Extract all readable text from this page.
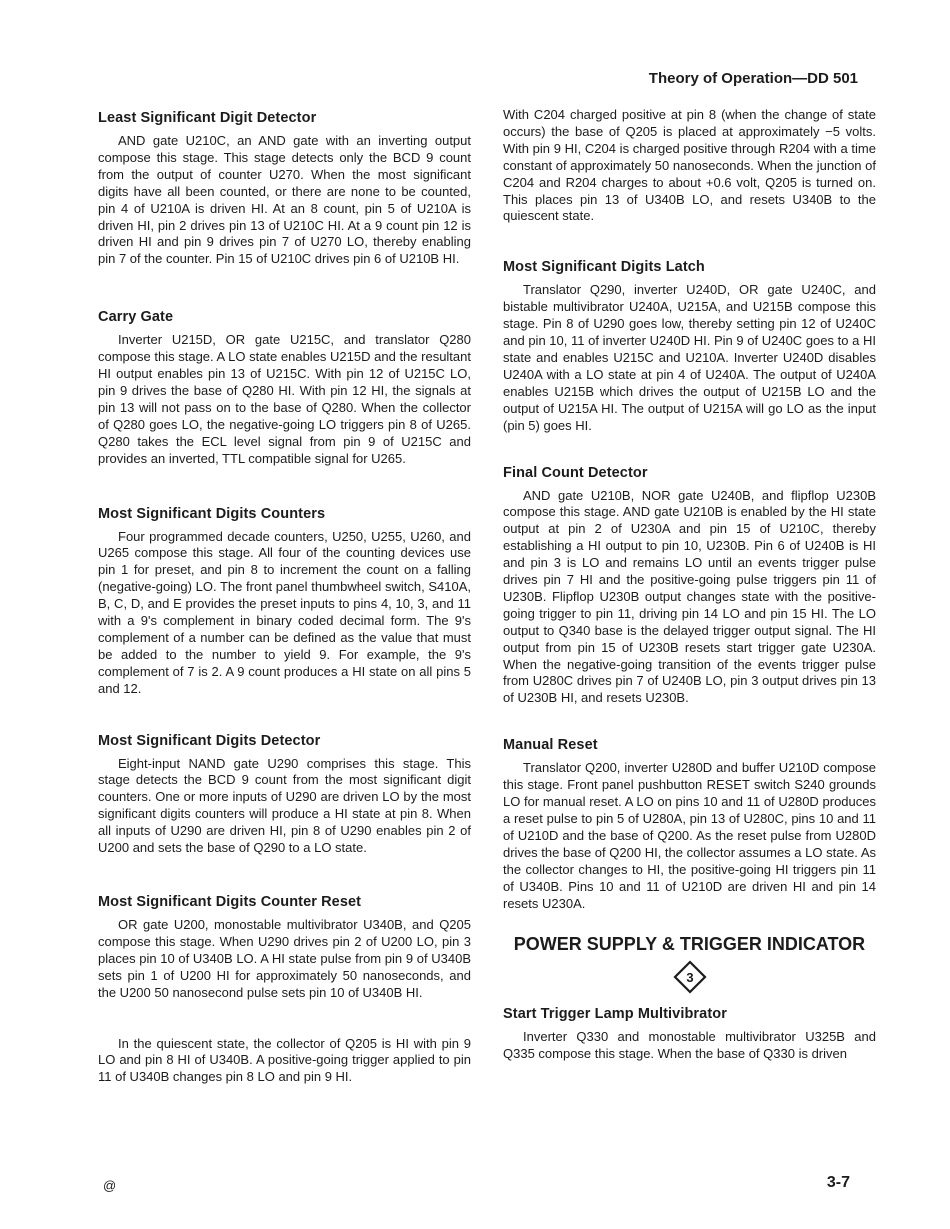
Theory of Operation—DD 501
Least Significant Digit Detector

AND gate U210C, an AND gate with an inverting output compose this stage. This stage detects only the BCD 9 count from the output of counter U270. When the most significant digits have all been counted, or there are none to be counted, pin 4 of U210A is driven HI. At an 8 count, pin 5 of U210A is driven HI, pin 2 drives pin 13 of U210C HI. At a 9 count pin 12 is driven HI and pin 9 drives pin 7 of U270 LO, thereby enabling pin 7 of the counter. Pin 15 of U210C drives pin 6 of U210B HI.

Carry Gate

Inverter U215D, OR gate U215C, and translator Q280 compose this stage. A LO state enables U215D and the resultant HI output enables pin 13 of U215C. With pin 12 of U215C LO, pin 9 drives the base of Q280 HI. With pin 12 HI, the signals at pin 13 will not pass on to the base of Q280. When the collector of Q280 goes LO, the negative-going LO triggers pin 8 of U265. Q280 takes the ECL level signal from pin 9 of U215C and provides an inverted, TTL compatible signal for U265.

Most Significant Digits Counters

Four programmed decade counters, U250, U255, U260, and U265 compose this stage. All four of the counting devices use pin 1 for preset, and pin 8 to increment the count on a falling (negative-going) LO. The front panel thumbwheel switch, S410A, B, C, D, and E provides the preset inputs to pins 4, 10, 3, and 11 with a 9's complement in binary coded decimal form. The 9's complement of a number can be defined as the value that must be added to the number to yield 9. For example, the 9's complement of 7 is 2. A 9 count produces a HI state on all pins 5 and 12.

Most Significant Digits Detector

Eight-input NAND gate U290 comprises this stage. This stage detects the BCD 9 count from the most significant digit counters. One or more inputs of U290 are driven LO by the most significant digits counters will produce a HI state at pin 8. When all inputs of U290 are driven HI, pin 8 of U290 enables pin 2 of U200 and sets the base of Q290 to a LO state.

Most Significant Digits Counter Reset

OR gate U200, monostable multivibrator U340B, and Q205 compose this stage. When U290 drives pin 2 of U200 LO, pin 3 places pin 10 of U340B LO. A HI state pulse from pin 9 of U340B sets pin 1 of U200 HI for approximately 50 nanoseconds, and the U200 50 nanosecond pulse sets pin 10 of U340B HI.

In the quiescent state, the collector of Q205 is HI with pin 9 LO and pin 8 HI of U340B. A positive-going trigger applied to pin 11 of U340B changes pin 8 LO and pin 9 HI.

With C204 charged positive at pin 8 (when the change of state occurs) the base of Q205 is placed at approximately −5 volts. With pin 9 HI, C204 is charged positive through R204 with a time constant of approximately 50 nanoseconds. When the junction of C204 and R204 charges to about +0.6 volt, Q205 is turned on. This places pin 13 of U340B LO, and resets U340B to the quiescent state.

Most Significant Digits Latch

Translator Q290, inverter U240D, OR gate U240C, and bistable multivibrator U240A, U215A, and U215B compose this stage. Pin 8 of U290 goes low, thereby setting pin 12 of U240C and pin 10, 11 of inverter U240D HI. Pin 9 of U240C goes to a HI state and enables U215C and U210A. Inverter U240D disables U240A with a LO state at pin 4 of U240A. The output of U240A enables U215B which drives the output of U215B LO and the output of U215A HI. The output of U215A will go LO as the input (pin 5) goes HI.

Final Count Detector

AND gate U210B, NOR gate U240B, and flipflop U230B compose this stage. AND gate U210B is enabled by the HI state output at pin 2 of U230A and pin 15 of U210C, thereby establishing a HI output to pin 10, U230B. Pin 6 of U240B is HI and pin 3 is LO and remains LO until an events trigger pulse drives pin 7 HI and the positive-going pulse triggers pin 11 of U230B. Flipflop U230B output changes state with the positive-going trigger to pin 11, driving pin 14 LO and pin 15 HI. The LO output to Q340 base is the delayed trigger output signal. The HI output from pin 15 of U230B resets start trigger gate U230A. When the negative-going transition of the events trigger pulse from U280C drives pin 7 of U240B LO, pin 3 output drives pin 13 of U230B HI, and resets U230B.

Manual Reset

Translator Q200, inverter U280D and buffer U210D compose this stage. Front panel pushbutton RESET switch S240 grounds LO for manual reset. A LO on pins 10 and 11 of U280D produces a reset pulse to pin 5 of U280A, pin 13 of U280C, pins 10 and 11 of U210D and the base of Q200. As the reset pulse from U280D drives the base of Q200 HI, the collector assumes a LO state. As the collector changes to HI, the positive-going HI triggers pin 11 of U340B. Pins 10 and 11 of U210D are driven HI and pin 14 resets U230A.

POWER SUPPLY & TRIGGER INDICATOR
3
Start Trigger Lamp Multivibrator

Inverter Q330 and monostable multivibrator U325B and Q335 compose this stage. When the base of Q330 is driven

@	3-7
